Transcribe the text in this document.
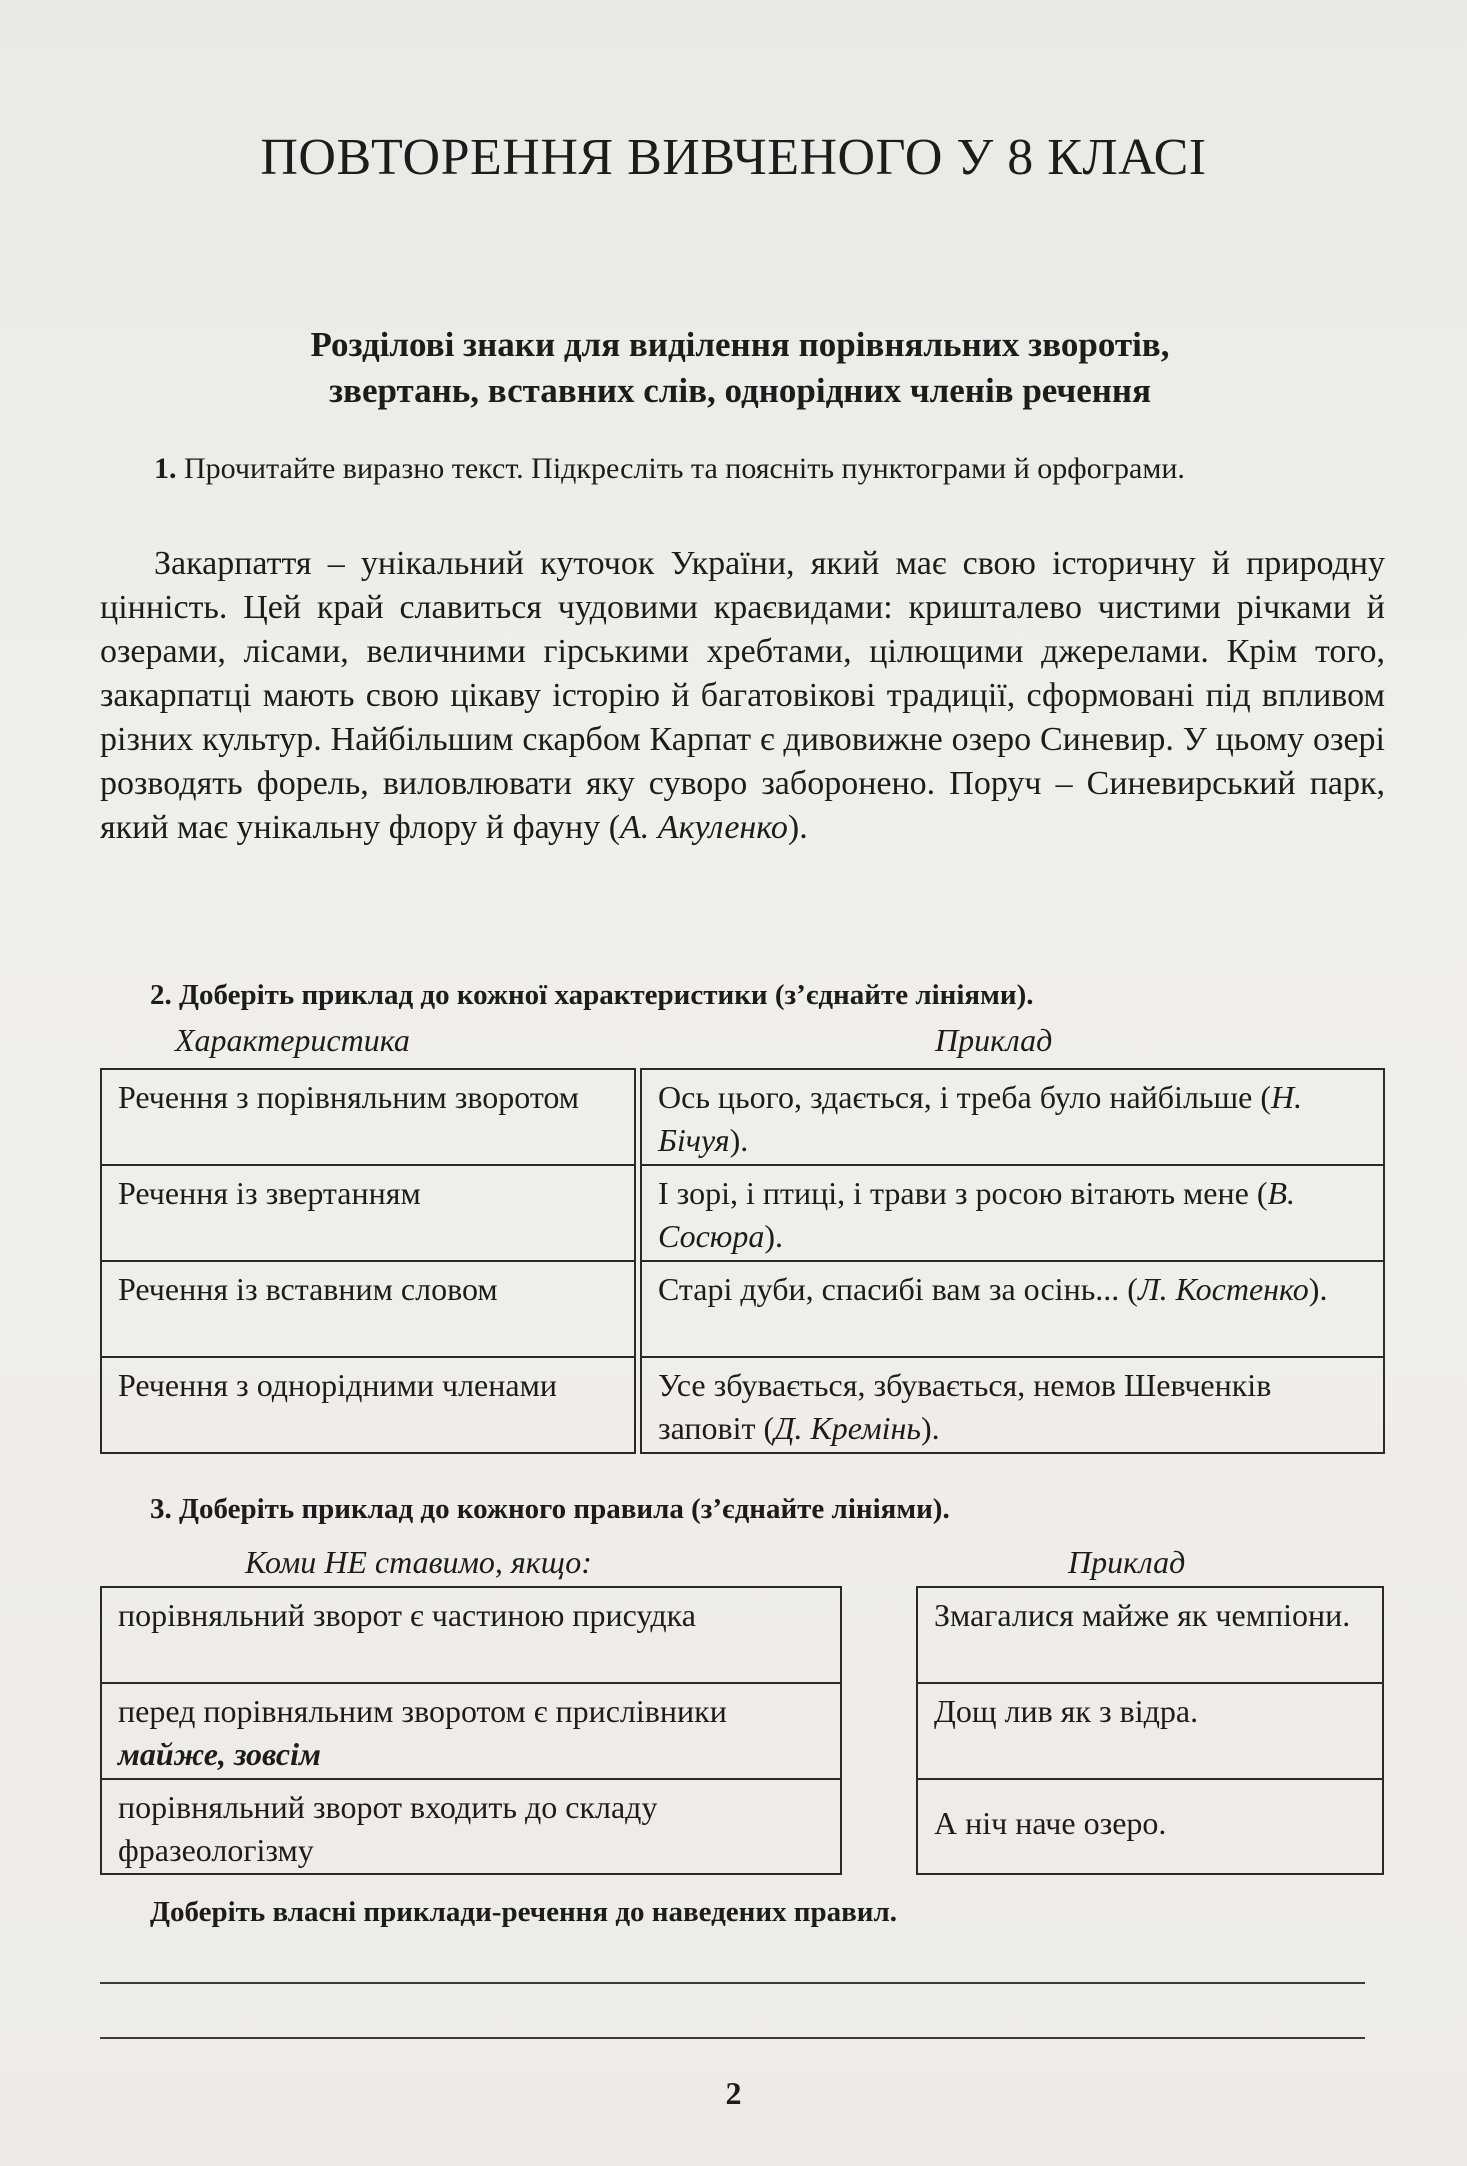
ПОВТОРЕННЯ ВИВЧЕНОГО У 8 КЛАСІ
Розділові знаки для виділення порівняльних зворотів,
звертань, вставних слів, однорідних членів речення
1. Прочитайте виразно текст. Підкресліть та поясніть пунктограми й орфограми.
Закарпаття – унікальний куточок України, який має свою історичну й природну цінність. Цей край славиться чудовими краєвидами: кришталево чистими річками й озерами, лісами, величними гірськими хребтами, цілющими джерелами. Крім того, закарпатці мають свою цікаву історію й багатовікові традиції, сформовані під впливом різних культур. Найбільшим скарбом Карпат є дивовижне озеро Синевир. У цьому озері розводять форель, виловлювати яку суворо заборонено. Поруч – Синевирський парк, який має унікальну флору й фауну (А. Акуленко).
2. Доберіть приклад до кожної характеристики (з’єднайте лініями).
Характеристика	Приклад
Речення з порівняльним зворотом
Речення із звертанням
Речення із вставним словом
Речення з однорідними членами
Ось цього, здається, і треба було найбільше (Н. Бічуя).
І зорі, і птиці, і трави з росою вітають мене (В. Сосюра).
Старі дуби, спасибі вам за осінь... (Л. Костенко).
Усе збувається, збувається, немов Шевченків заповіт (Д. Кремінь).
3. Доберіть приклад до кожного правила (з’єднайте лініями).
Коми НЕ ставимо, якщо:	Приклад
порівняльний зворот є частиною присудка
перед порівняльним зворотом є прислівники майже, зовсім
порівняльний зворот входить до складу фразеологізму
Змагалися майже як чемпіони.
Дощ лив як з відра.
А ніч наче озеро.
Доберіть власні приклади-речення до наведених правил.
2
